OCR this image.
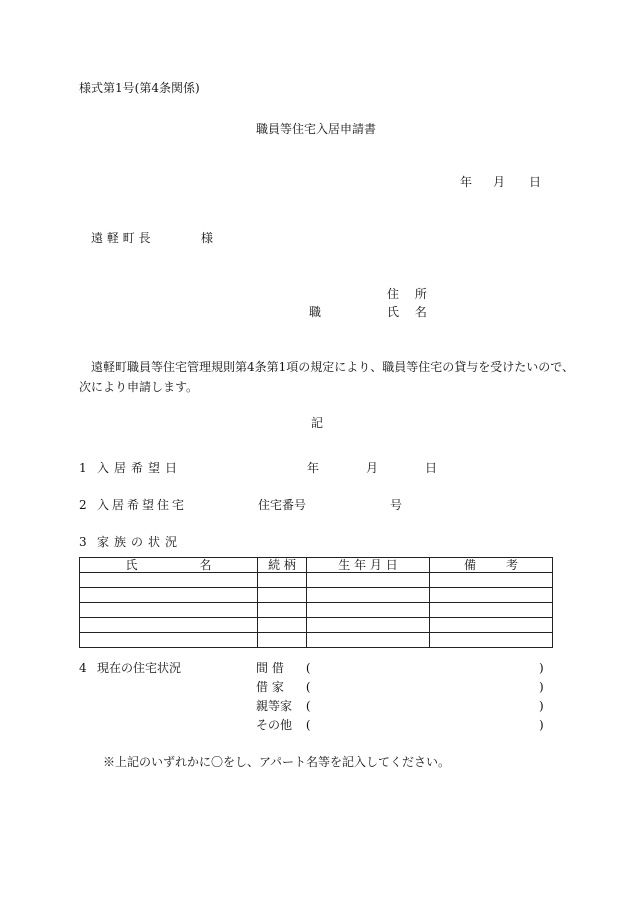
様式第1号(第4条関係)
職員等住宅入居申請書
年 月 日
遠 軽 町 長	様
住 所
職	氏 名
遠軽町職員等住宅管理規則第4条第1項の規定により、職員等住宅の貸与を受けたいので、
次により申請します。
記
1 入居希望日	年	月	日
2 入居希望住宅	住宅番号	号
3 家族の状況
氏 名	続 柄	生 年 月 日	備 考

4 現在の住宅状況	間 借 (	)
借 家 (	)
親等家 (	)
その他 (	)
※上記のいずれかに〇をし、アパート名等を記入してください。
